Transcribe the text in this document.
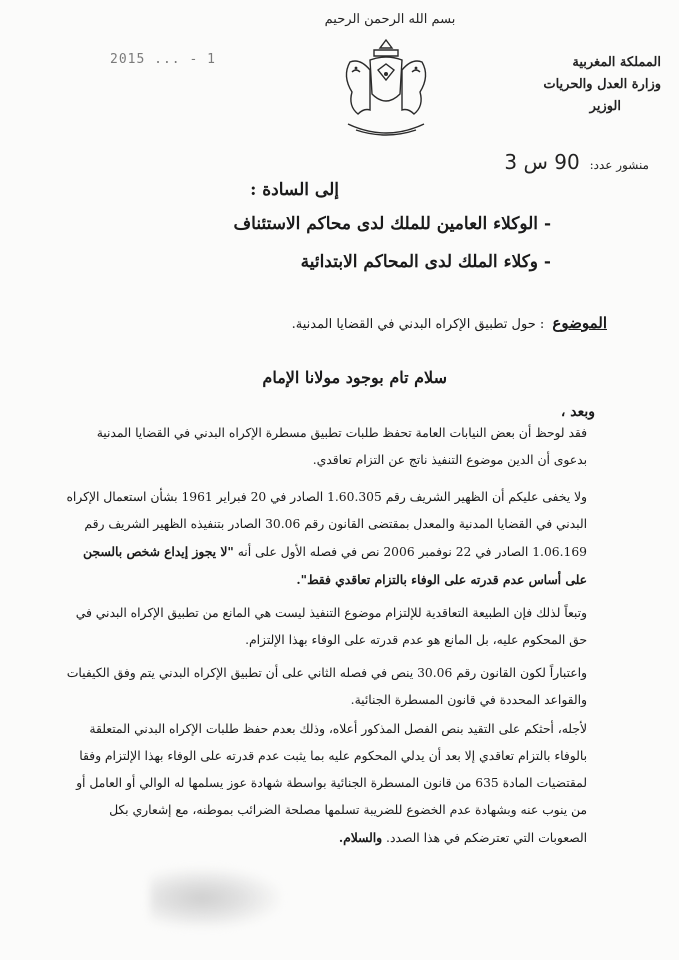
بسم الله الرحمن الرحيم
2015 ... - 1	المملكة المغربية
وزارة العدل والحريات
الوزير
منشور عدد: 90 س 3
إلى السادة :
- الوكلاء العامين للملك لدى محاكم الاستئناف
- وكلاء الملك لدى المحاكم الابتدائية
الموضوع : حول تطبيق الإكراه البدني في القضايا المدنية.
سلام تام بوجود مولانا الإمام
وبعد ،
فقد لوحظ أن بعض النيابات العامة تحفظ طلبات تطبيق مسطرة الإكراه البدني في القضايا المدنية بدعوى أن الدين موضوع التنفيذ ناتج عن التزام تعاقدي.
ولا يخفى عليكم أن الظهير الشريف رقم 1.60.305 الصادر في 20 فبراير 1961 بشأن استعمال الإكراه البدني في القضايا المدنية والمعدل بمقتضى القانون رقم 30.06 الصادر بتنفيذه الظهير الشريف رقم 1.06.169 الصادر في 22 نوفمبر 2006 نص في فصله الأول على أنه "لا يجوز إيداع شخص بالسجن على أساس عدم قدرته على الوفاء بالتزام تعاقدي فقط".
وتبعاً لذلك فإن الطبيعة التعاقدية للإلتزام موضوع التنفيذ ليست هي المانع من تطبيق الإكراه البدني في حق المحكوم عليه، بل المانع هو عدم قدرته على الوفاء بهذا الإلتزام.
واعتباراً لكون القانون رقم 30.06 ينص في فصله الثاني على أن تطبيق الإكراه البدني يتم وفق الكيفيات والقواعد المحددة في قانون المسطرة الجنائية.
لأجله، أحثكم على التقيد بنص الفصل المذكور أعلاه، وذلك بعدم حفظ طلبات الإكراه البدني المتعلقة بالوفاء بالتزام تعاقدي إلا بعد أن يدلي المحكوم عليه بما يثبت عدم قدرته على الوفاء بهذا الإلتزام وفقا لمقتضيات المادة 635 من قانون المسطرة الجنائية بواسطة شهادة عوز يسلمها له الوالي أو العامل أو من ينوب عنه وبشهادة عدم الخضوع للضريبة تسلمها مصلحة الضرائب بموطنه، مع إشعاري بكل الصعوبات التي تعترضكم في هذا الصدد. والسلام.
